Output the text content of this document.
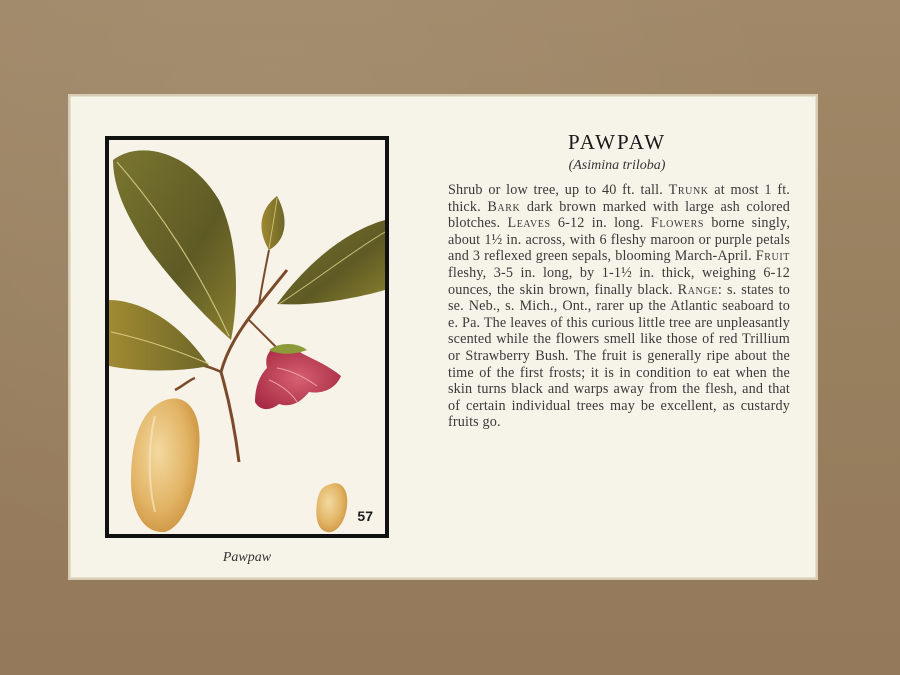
57
Pawpaw
PAWPAW
(Asimina triloba)
Shrub or low tree, up to 40 ft. tall. Trunk at most 1 ft. thick. Bark dark brown marked with large ash colored blotches. Leaves 6-12 in. long. Flowers borne singly, about 1½ in. across, with 6 fleshy maroon or purple petals and 3 reflexed green sepals, blooming March-April. Fruit fleshy, 3-5 in. long, by 1-1½ in. thick, weighing 6-12 ounces, the skin brown, finally black. Range: s. states to se. Neb., s. Mich., Ont., rarer up the Atlantic seaboard to e. Pa. The leaves of this curious little tree are unpleasantly scented while the flowers smell like those of red Trillium or Strawberry Bush. The fruit is generally ripe about the time of the first frosts; it is in condition to eat when the skin turns black and warps away from the flesh, and that of certain individual trees may be excellent, as custardy fruits go.
